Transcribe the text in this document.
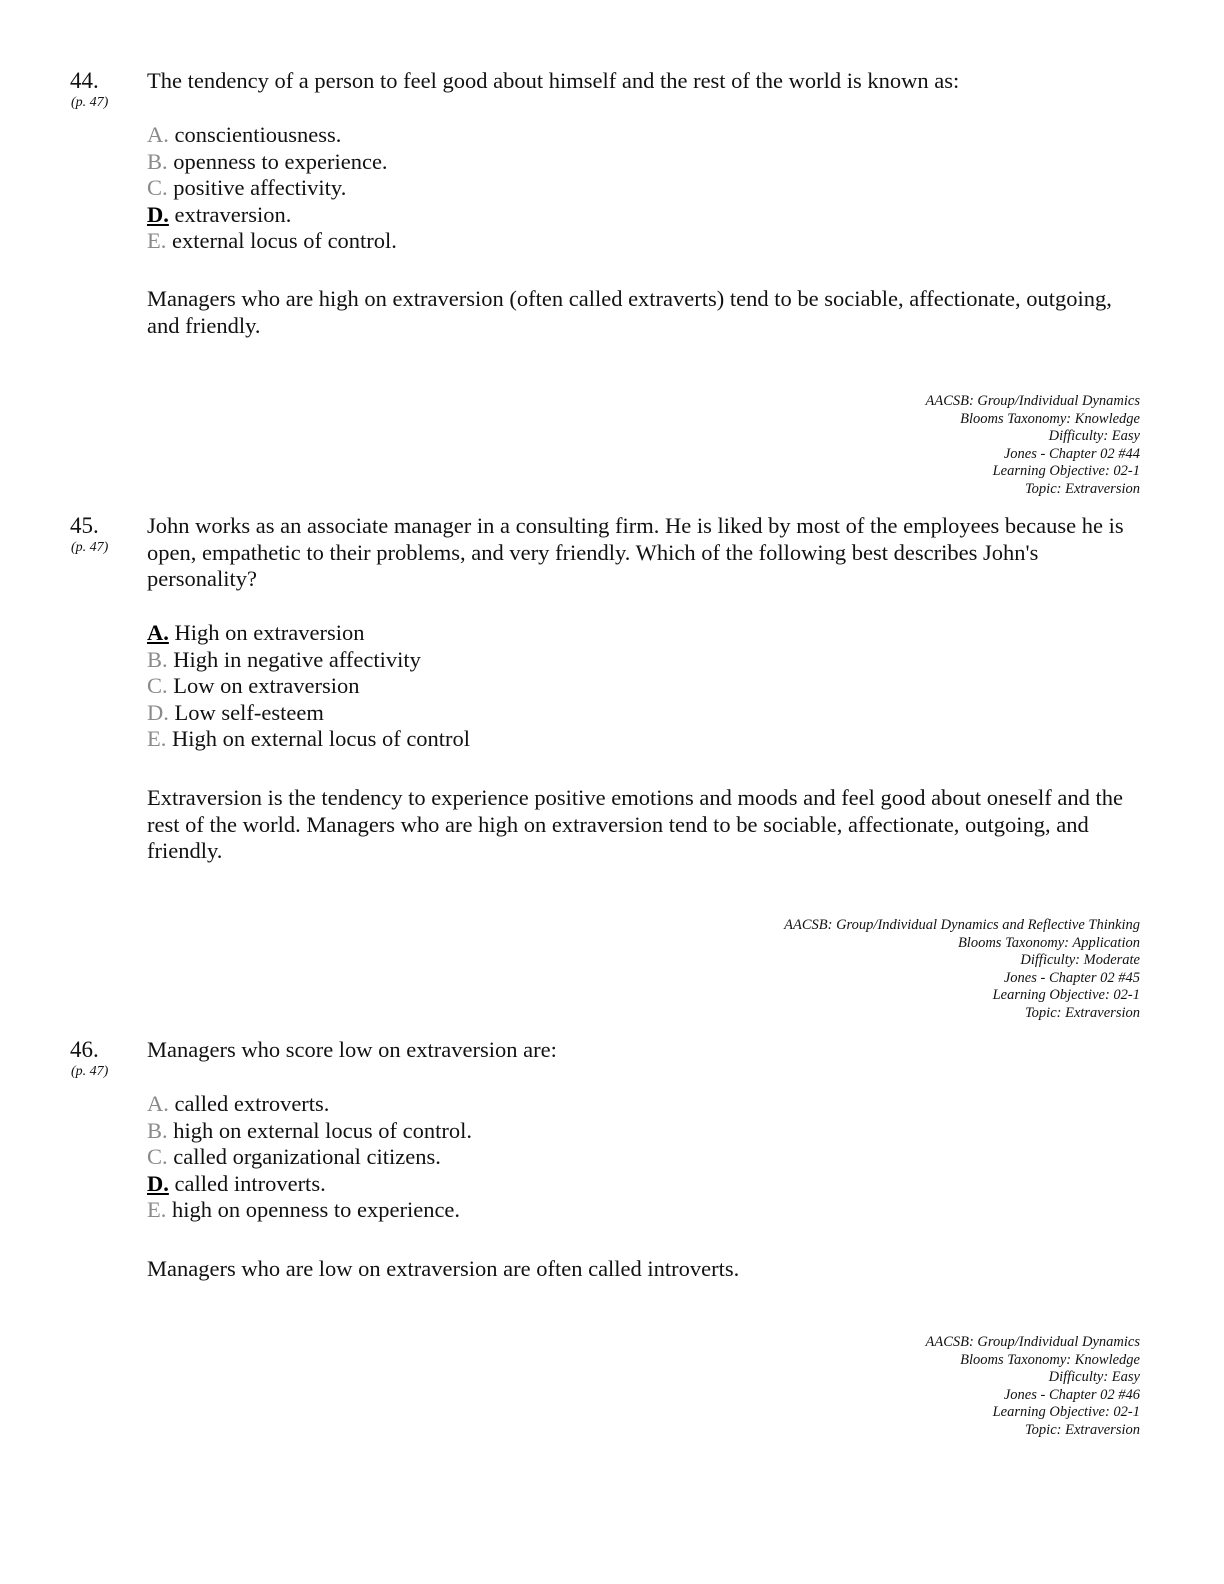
44.
(p. 47)

The tendency of a person to feel good about himself and the rest of the world is known as:

A. conscientiousness.
B. openness to experience.
C. positive affectivity.
D. extraversion.
E. external locus of control.

Managers who are high on extraversion (often called extraverts) tend to be sociable, affectionate, outgoing, and friendly.

AACSB: Group/Individual Dynamics
Blooms Taxonomy: Knowledge
Difficulty: Easy
Jones - Chapter 02 #44
Learning Objective: 02-1
Topic: Extraversion
45.
(p. 47)

John works as an associate manager in a consulting firm. He is liked by most of the employees because he is open, empathetic to their problems, and very friendly. Which of the following best describes John's personality?

A. High on extraversion
B. High in negative affectivity
C. Low on extraversion
D. Low self-esteem
E. High on external locus of control

Extraversion is the tendency to experience positive emotions and moods and feel good about oneself and the rest of the world. Managers who are high on extraversion tend to be sociable, affectionate, outgoing, and friendly.

AACSB: Group/Individual Dynamics and Reflective Thinking
Blooms Taxonomy: Application
Difficulty: Moderate
Jones - Chapter 02 #45
Learning Objective: 02-1
Topic: Extraversion
46.
(p. 47)

Managers who score low on extraversion are:

A. called extroverts.
B. high on external locus of control.
C. called organizational citizens.
D. called introverts.
E. high on openness to experience.

Managers who are low on extraversion are often called introverts.

AACSB: Group/Individual Dynamics
Blooms Taxonomy: Knowledge
Difficulty: Easy
Jones - Chapter 02 #46
Learning Objective: 02-1
Topic: Extraversion
